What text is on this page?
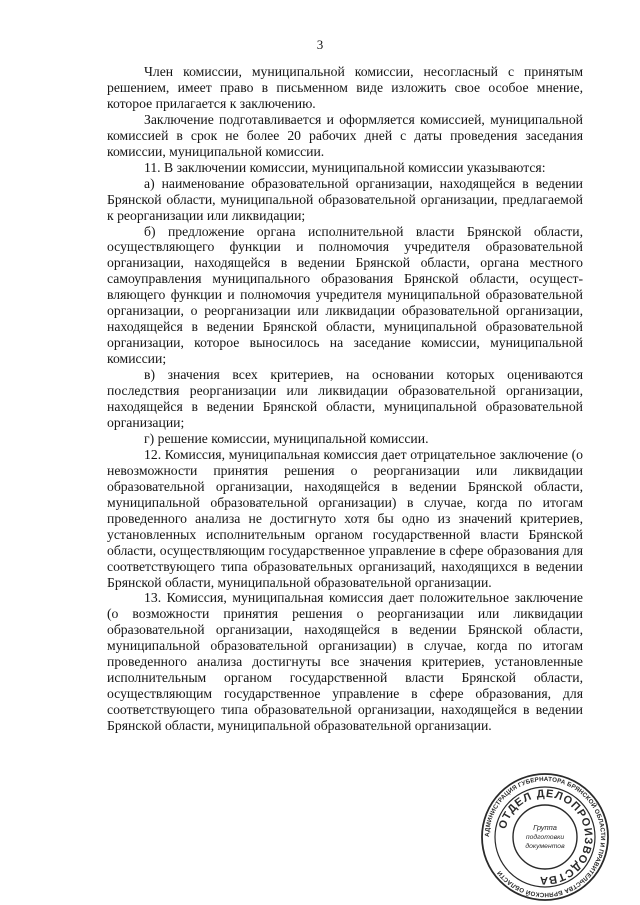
3

Член комиссии, муниципальной комиссии, несогласный с принятым решением, имеет право в письменном виде изложить свое особое мнение, которое прилагается к заключению.

Заключение подготавливается и оформляется комиссией, муниципальной комиссией в срок не более 20 рабочих дней с даты проведения заседания комиссии, муниципальной комиссии.

11. В заключении комиссии, муниципальной комиссии указываются:

а) наименование образовательной организации, находящейся в ведении Брянской области, муниципальной образовательной организации, предлагаемой к реорганизации или ликвидации;

б) предложение органа исполнительной власти Брянской области, осуществляющего функции и полномочия учредителя образовательной организации, находящейся в ведении Брянской области, органа местного самоуправления муниципального образования Брянской области, осуществляющего функции и полномочия учредителя муниципальной образовательной организации, о реорганизации или ликвидации образовательной организации, находящейся в ведении Брянской области, муниципальной образовательной организации, которое выносилось на заседание комиссии, муниципальной комиссии;

в) значения всех критериев, на основании которых оцениваются последствия реорганизации или ликвидации образовательной организации, находящейся в ведении Брянской области, муниципальной образовательной организации;

г) решение комиссии, муниципальной комиссии.

12. Комиссия, муниципальная комиссия дает отрицательное заключение (о невозможности принятия решения о реорганизации или ликвидации образовательной организации, находящейся в ведении Брянской области, муниципальной образовательной организации) в случае, когда по итогам проведенного анализа не достигнуто хотя бы одно из значений критериев, установленных исполнительным органом государственной власти Брянской области, осуществляющим государственное управление в сфере образования для соответствующего типа образовательных организаций, находящихся в ведении Брянской области, муниципальной образовательной организации.

13. Комиссия, муниципальная комиссия дает положительное заключение (о возможности принятия решения о реорганизации или ликвидации образовательной организации, находящейся в ведении Брянской области, муниципальной образовательной организации) в случае, когда по итогам проведенного анализа достигнуты все значения критериев, установленные исполнительным органом государственной власти Брянской области, осуществляющим государственное управление в сфере образования, для соответствующего типа образовательной организации, находящейся в ведении Брянской области, муниципальной образовательной организации.

АДМИНИСТРАЦИЯ ГУБЕРНАТОРА БРЯНСКОЙ ОБЛАСТИ И ПРАВИТЕЛЬСТВА БРЯНСКОЙ ОБЛАСТИ
ОТДЕЛ ДЕЛОПРОИЗВОДСТВА
Группа
подготовки
документов
